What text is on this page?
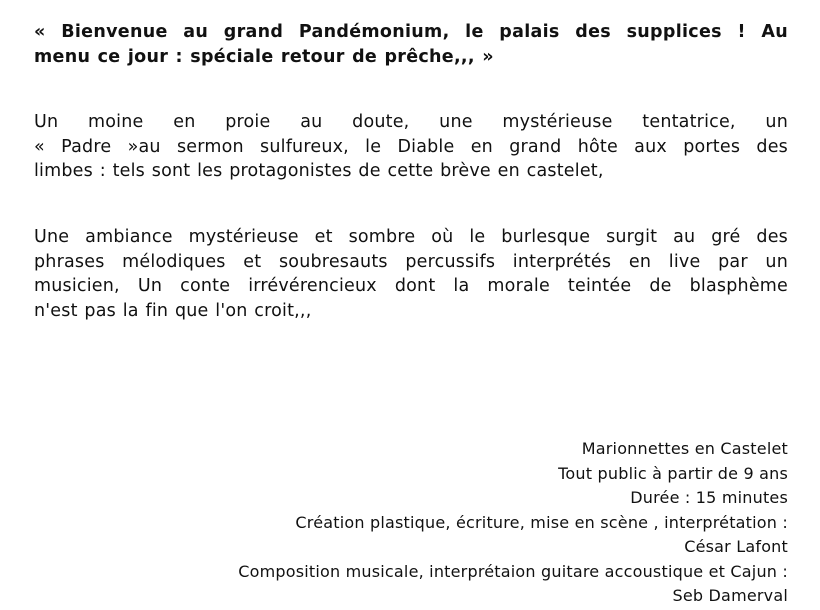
« Bienvenue au grand Pandémonium, le palais des supplices ! Au
menu ce jour : spéciale retour de prêche,,, »

Un moine en proie au doute, une mystérieuse tentatrice, un
« Padre »au sermon sulfureux, le Diable en grand hôte aux portes des
limbes : tels sont les protagonistes de cette brève en castelet,

Une ambiance mystérieuse et sombre où le burlesque surgit au gré des
phrases mélodiques et soubresauts percussifs interprétés en live par un
musicien, Un conte irrévérencieux dont la morale teintée de blasphème
n'est pas la fin que l'on croit,,,

Marionnettes en Castelet
Tout public à partir de 9 ans
Durée : 15 minutes
Création plastique, écriture, mise en scène , interprétation :
César Lafont
Composition musicale, interprétaion guitare accoustique et Cajun :
Seb Damerval
